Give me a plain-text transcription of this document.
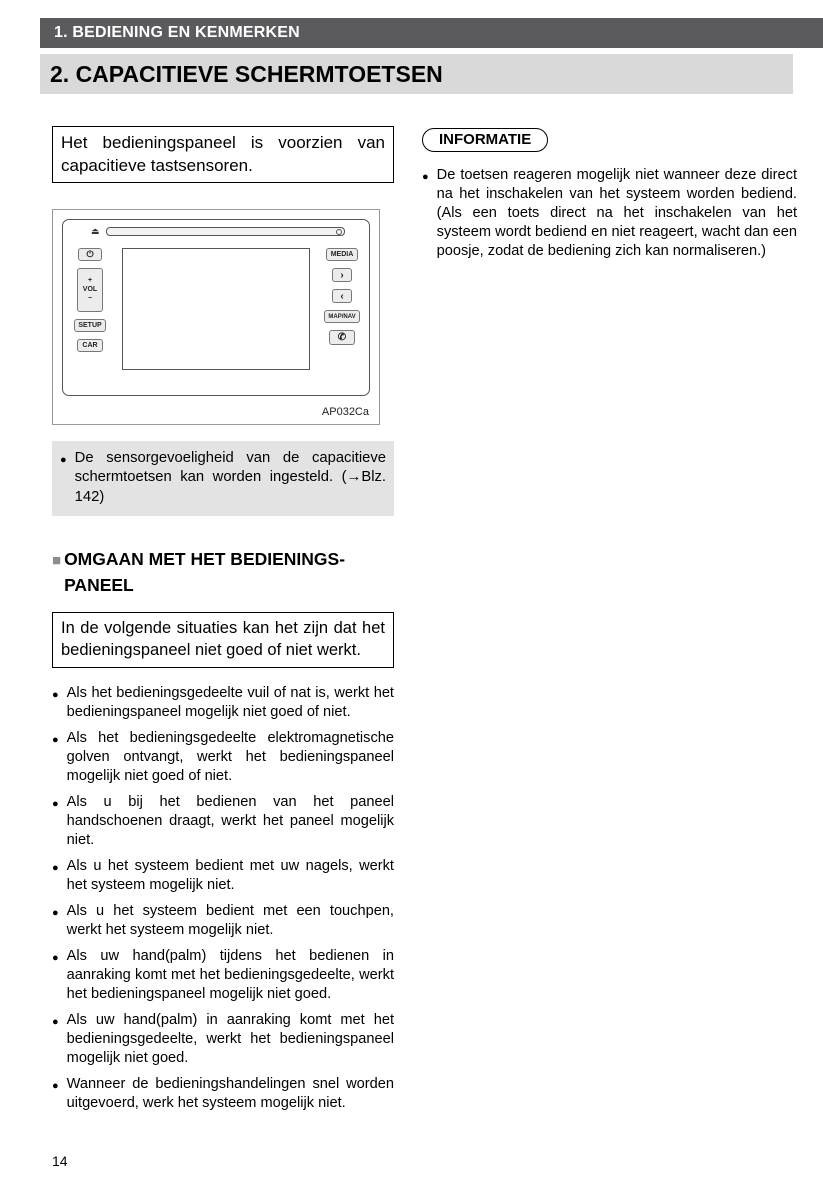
1. BEDIENING EN KENMERKEN
2. CAPACITIEVE SCHERMTOETSEN
Het bedieningspaneel is voorzien van capacitieve tastsensoren.
⏏
⏻
+
VOL
−
SETUP
CAR
MEDIA
›
‹
MAP/NAV
✆
AP032Ca
●
De sensorgevoeligheid van de capacitieve schermtoetsen kan worden ingesteld. (→Blz. 142)
■
OMGAAN MET HET BEDIENINGS-
PANEEL
In de volgende situaties kan het zijn dat het bedieningspaneel niet goed of niet werkt.
●
Als het bedieningsgedeelte vuil of nat is, werkt het bedieningspaneel mogelijk niet goed of niet.
●
Als het bedieningsgedeelte elektromagnetische golven ontvangt, werkt het bedieningspaneel mogelijk niet goed of niet.
●
Als u bij het bedienen van het paneel handschoenen draagt, werkt het paneel mogelijk niet.
●
Als u het systeem bedient met uw nagels, werkt het systeem mogelijk niet.
●
Als u het systeem bedient met een touchpen, werkt het systeem mogelijk niet.
●
Als uw hand(palm) tijdens het bedienen in aanraking komt met het bedieningsgedeelte, werkt het bedieningspaneel mogelijk niet goed.
●
Als uw hand(palm) in aanraking komt met het bedieningsgedeelte, werkt het bedieningspaneel mogelijk niet goed.
●
Wanneer de bedieningshandelingen snel worden uitgevoerd, werk het systeem mogelijk niet.
INFORMATIE
●
De toetsen reageren mogelijk niet wanneer deze direct na het inschakelen van het systeem worden bediend. (Als een toets direct na het inschakelen van het systeem wordt bediend en niet reageert, wacht dan een poosje, zodat de bediening zich kan normaliseren.)
14
